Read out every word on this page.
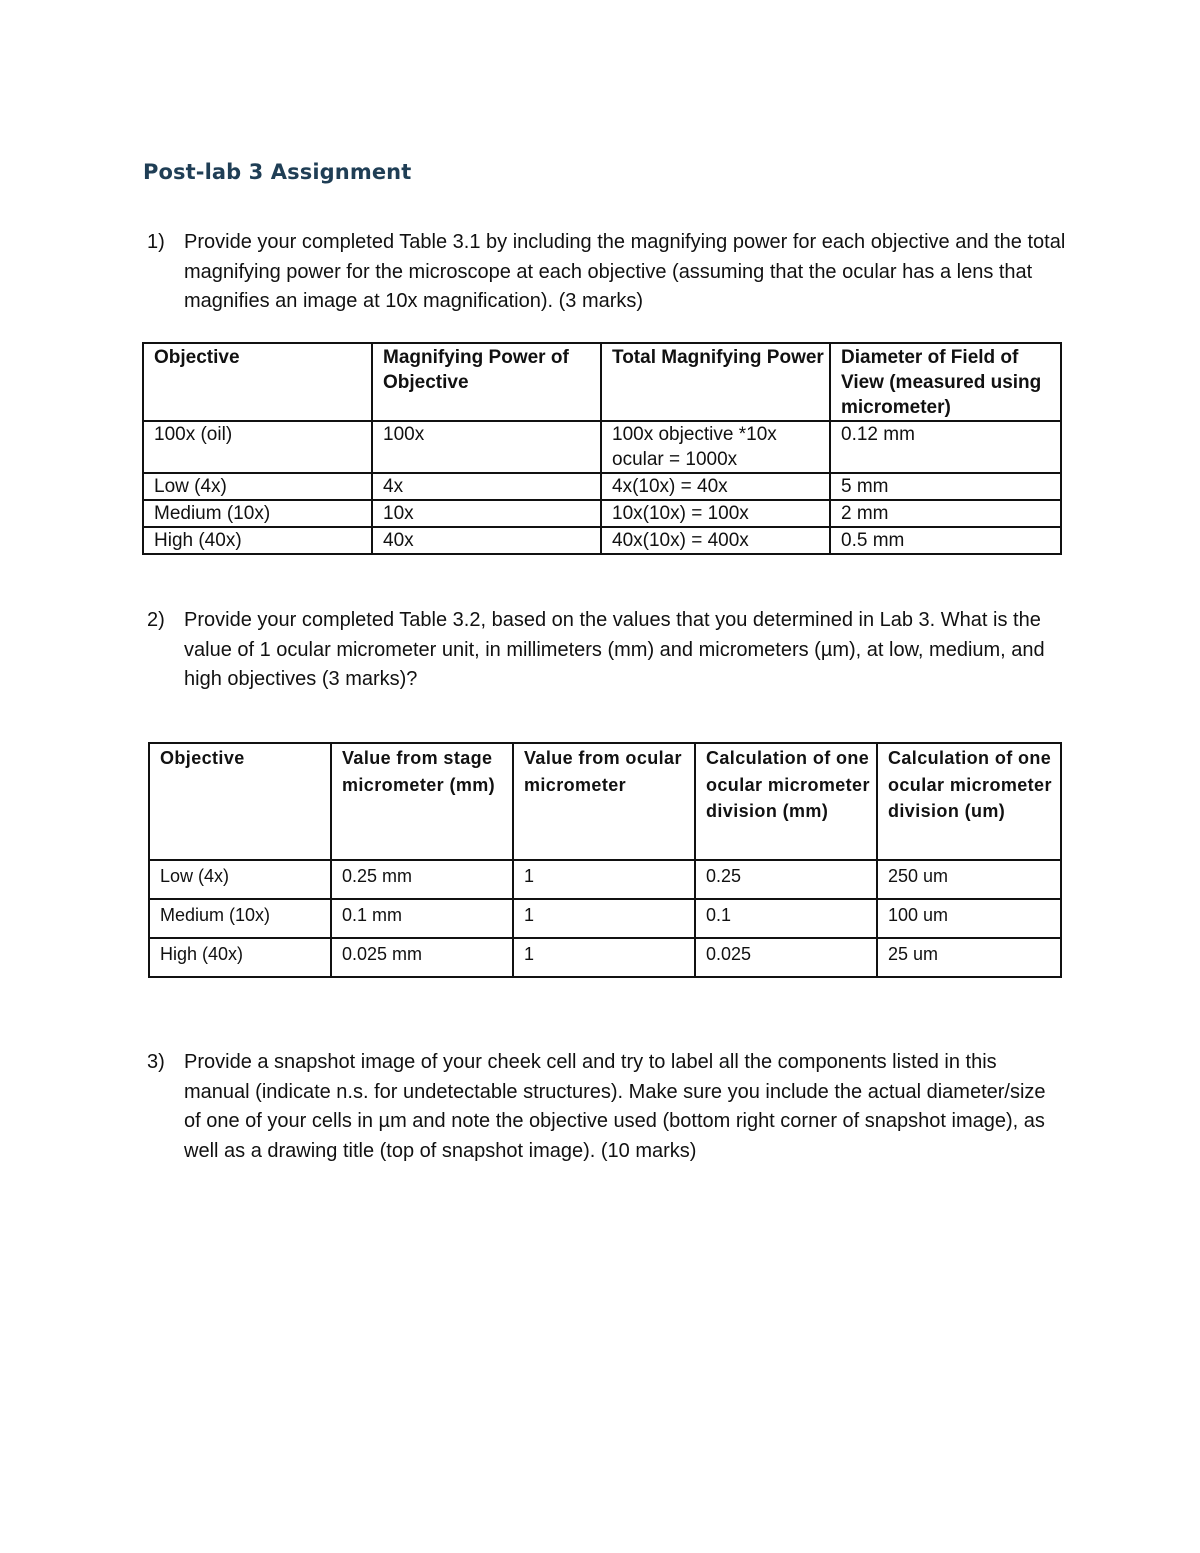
Post-lab 3 Assignment
1) Provide your completed Table 3.1 by including the magnifying power for each objective and the total magnifying power for the microscope at each objective (assuming that the ocular has a lens that magnifies an image at 10x magnification). (3 marks)
Objective	Magnifying Power of Objective	Total Magnifying Power	Diameter of Field of View (measured using micrometer)
100x (oil)	100x	100x objective *10x ocular = 1000x	0.12 mm
Low (4x)	4x	4x(10x) = 40x	5 mm
Medium (10x)	10x	10x(10x) = 100x	2 mm
High (40x)	40x	40x(10x) = 400x	0.5 mm
2) Provide your completed Table 3.2, based on the values that you determined in Lab 3. What is the value of 1 ocular micrometer unit, in millimeters (mm) and micrometers (µm), at low, medium, and high objectives (3 marks)?
Objective	Value from stage micrometer (mm)	Value from ocular micrometer	Calculation of one ocular micrometer division (mm)	Calculation of one ocular micrometer division (um)
Low (4x)	0.25 mm	1	0.25	250 um
Medium (10x)	0.1 mm	1	0.1	100 um
High (40x)	0.025 mm	1	0.025	25 um
3) Provide a snapshot image of your cheek cell and try to label all the components listed in this manual (indicate n.s. for undetectable structures). Make sure you include the actual diameter/size of one of your cells in µm and note the objective used (bottom right corner of snapshot image), as well as a drawing title (top of snapshot image). (10 marks)
